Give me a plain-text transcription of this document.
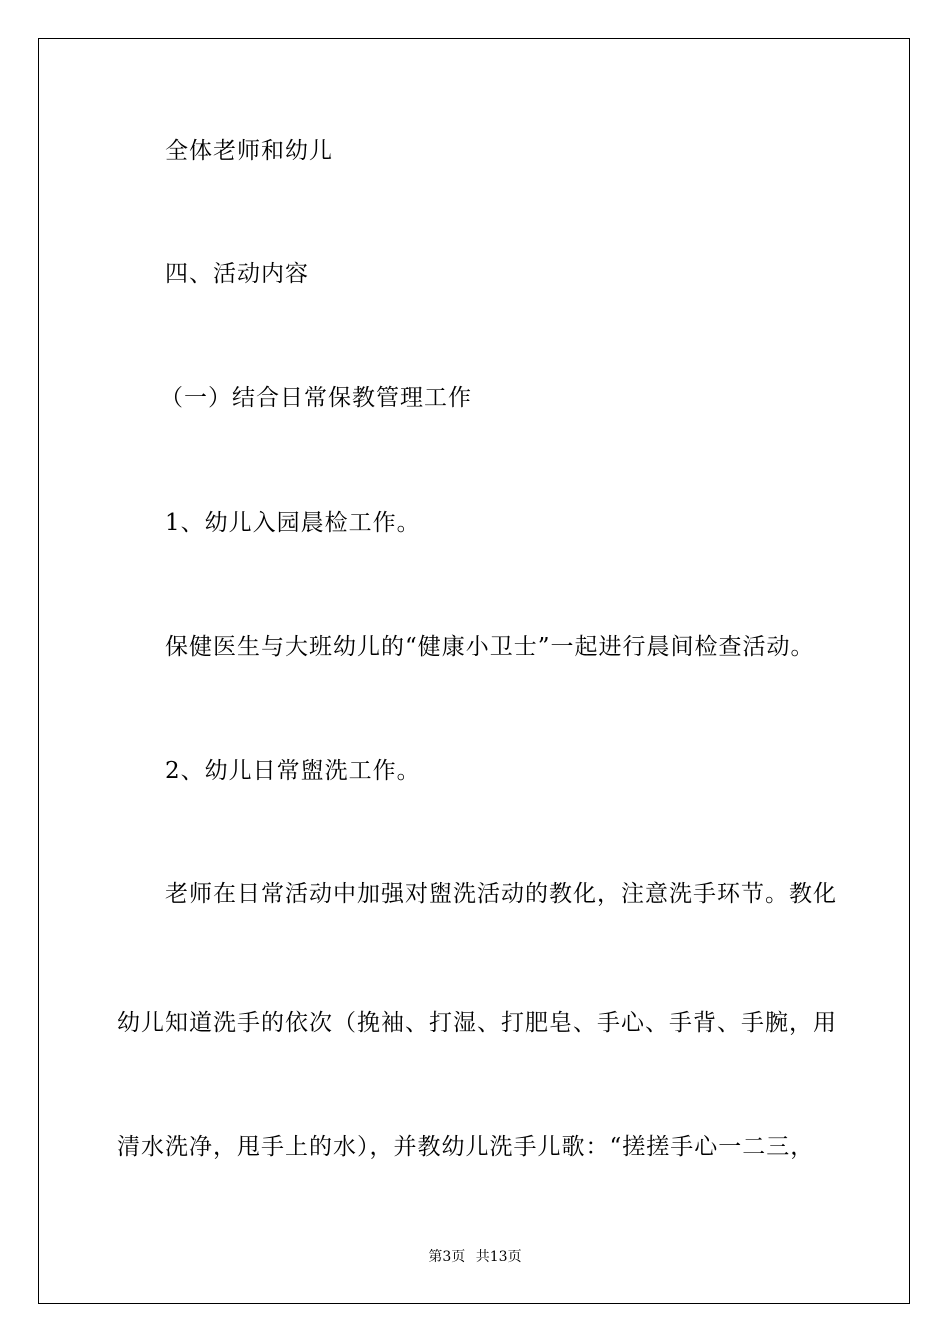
全体老师和幼儿
四、活动内容
（一）结合日常保教管理工作
1、幼儿入园晨检工作。
保健医生与大班幼儿的“健康小卫士”一起进行晨间检查活动。
2、幼儿日常盥洗工作。
老师在日常活动中加强对盥洗活动的教化，注意洗手环节。教化
幼儿知道洗手的依次（挽袖、打湿、打肥皂、手心、手背、手腕，用
清水洗净，甩手上的水），并教幼儿洗手儿歌：“搓搓手心一二三，
第3页 共13页
